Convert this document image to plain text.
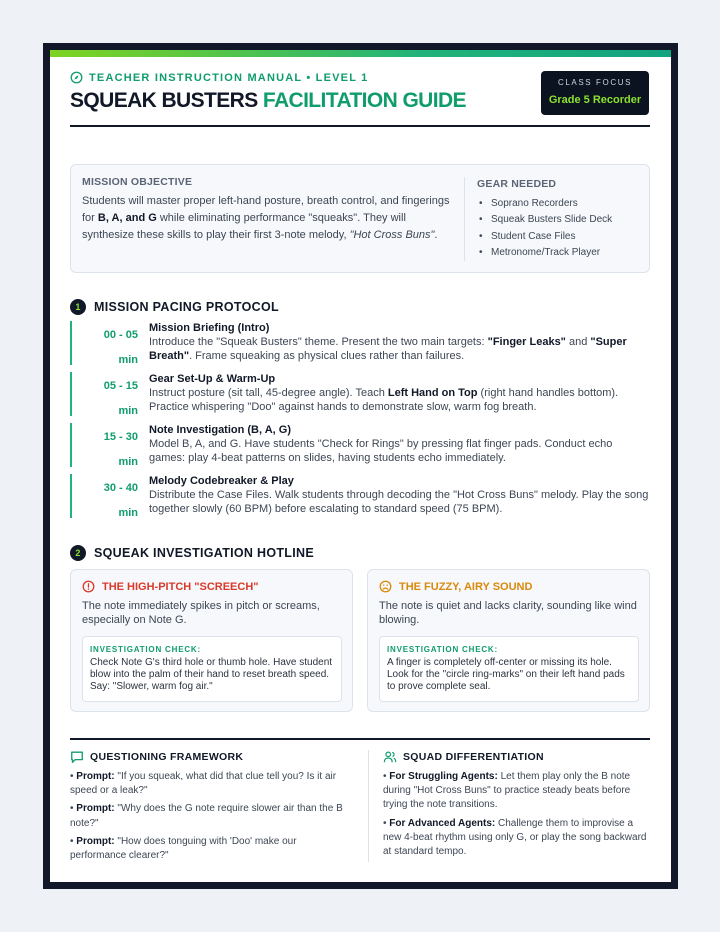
TEACHER INSTRUCTION MANUAL • LEVEL 1
SQUEAK BUSTERS FACILITATION GUIDE
CLASS FOCUS
Grade 5 Recorder
MISSION OBJECTIVE
Students will master proper left-hand posture, breath control, and fingerings for B, A, and G while eliminating performance "squeaks". They will synthesize these skills to play their first 3-note melody, "Hot Cross Buns".
GEAR NEEDED
• Soprano Recorders
• Squeak Busters Slide Deck
• Student Case Files
• Metronome/Track Player
1	MISSION PACING PROTOCOL
00 - 05
min
Mission Briefing (Intro)
Introduce the "Squeak Busters" theme. Present the two main targets: "Finger Leaks" and "Super Breath". Frame squeaking as physical clues rather than failures.
05 - 15
min
Gear Set-Up & Warm-Up
Instruct posture (sit tall, 45-degree angle). Teach Left Hand on Top (right hand handles bottom). Practice whispering "Doo" against hands to demonstrate slow, warm fog breath.
15 - 30
min
Note Investigation (B, A, G)
Model B, A, and G. Have students "Check for Rings" by pressing flat finger pads. Conduct echo games: play 4-beat patterns on slides, having students echo immediately.
30 - 40
min
Melody Codebreaker & Play
Distribute the Case Files. Walk students through decoding the "Hot Cross Buns" melody. Play the song together slowly (60 BPM) before escalating to standard speed (75 BPM).
2	SQUEAK INVESTIGATION HOTLINE
THE HIGH-PITCH "SCREECH"
The note immediately spikes in pitch or screams, especially on Note G.
INVESTIGATION CHECK:
Check Note G's third hole or thumb hole. Have student blow into the palm of their hand to reset breath speed. Say: "Slower, warm fog air."
THE FUZZY, AIRY SOUND
The note is quiet and lacks clarity, sounding like wind blowing.
INVESTIGATION CHECK:
A finger is completely off-center or missing its hole. Look for the "circle ring-marks" on their left hand pads to prove complete seal.
QUESTIONING FRAMEWORK
• Prompt: "If you squeak, what did that clue tell you? Is it air speed or a leak?"
• Prompt: "Why does the G note require slower air than the B note?"
• Prompt: "How does tonguing with 'Doo' make our performance clearer?"
SQUAD DIFFERENTIATION
• For Struggling Agents: Let them play only the B note during "Hot Cross Buns" to practice steady beats before trying the note transitions.
• For Advanced Agents: Challenge them to improvise a new 4-beat rhythm using only G, or play the song backward at standard tempo.
